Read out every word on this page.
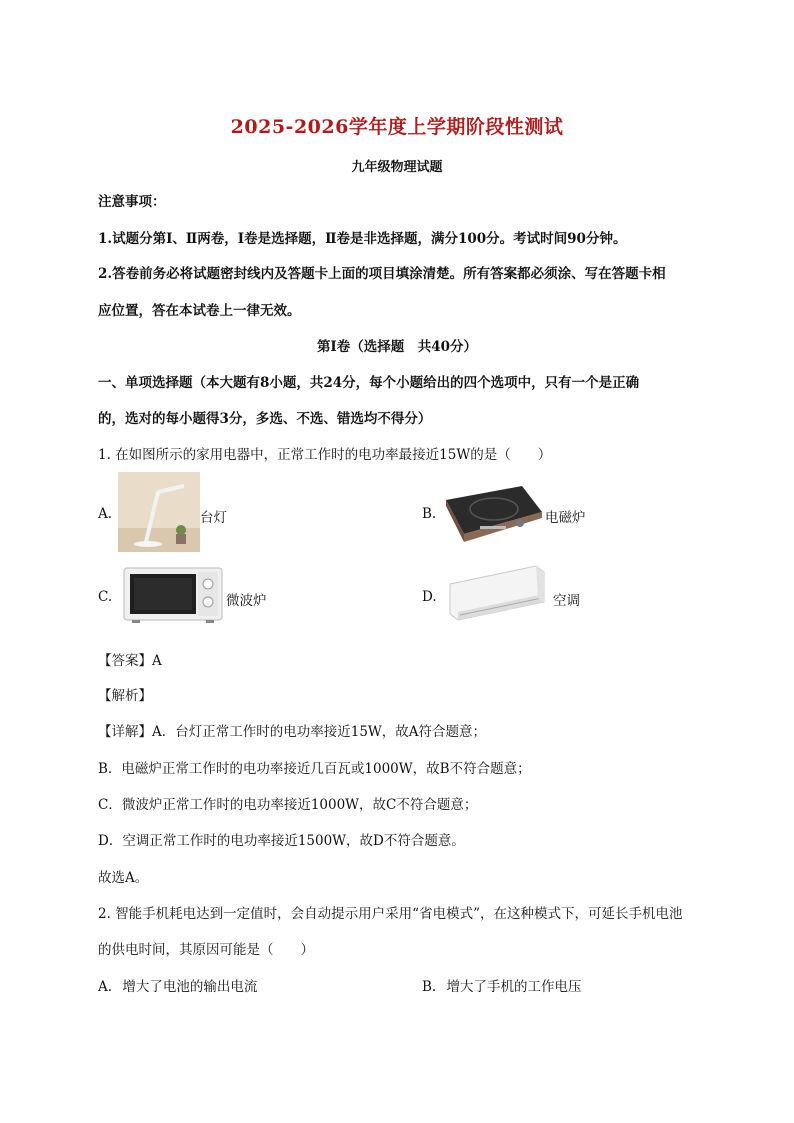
2025-2026学年度上学期阶段性测试
九年级物理试题
注意事项：
1.试题分第Ⅰ、Ⅱ两卷，Ⅰ卷是选择题，Ⅱ卷是非选择题，满分100分。考试时间90分钟。
2.答卷前务必将试题密封线内及答题卡上面的项目填涂清楚。所有答案都必须涂、写在答题卡相
应位置，答在本试卷上一律无效。
第Ⅰ卷（选择题　共40分）
一、单项选择题（本大题有8小题，共24分，每个小题给出的四个选项中，只有一个是正确
的，选对的每小题得3分，多选、不选、错选均不得分）
1. 在如图所示的家用电器中，正常工作时的电功率最接近15W的是（　　）
A.	台灯	B.	电磁炉
C.	微波炉	D.	空调
【答案】A
【解析】
【详解】A．台灯正常工作时的电功率接近15W，故A符合题意；
B．电磁炉正常工作时的电功率接近几百瓦或1000W，故B不符合题意；
C．微波炉正常工作时的电功率接近1000W，故C不符合题意；
D．空调正常工作时的电功率接近1500W，故D不符合题意。
故选A。
2. 智能手机耗电达到一定值时，会自动提示用户采用“省电模式”，在这种模式下，可延长手机电池
的供电时间，其原因可能是（　　）
A. 增大了电池的输出电流	B. 增大了手机的工作电压
